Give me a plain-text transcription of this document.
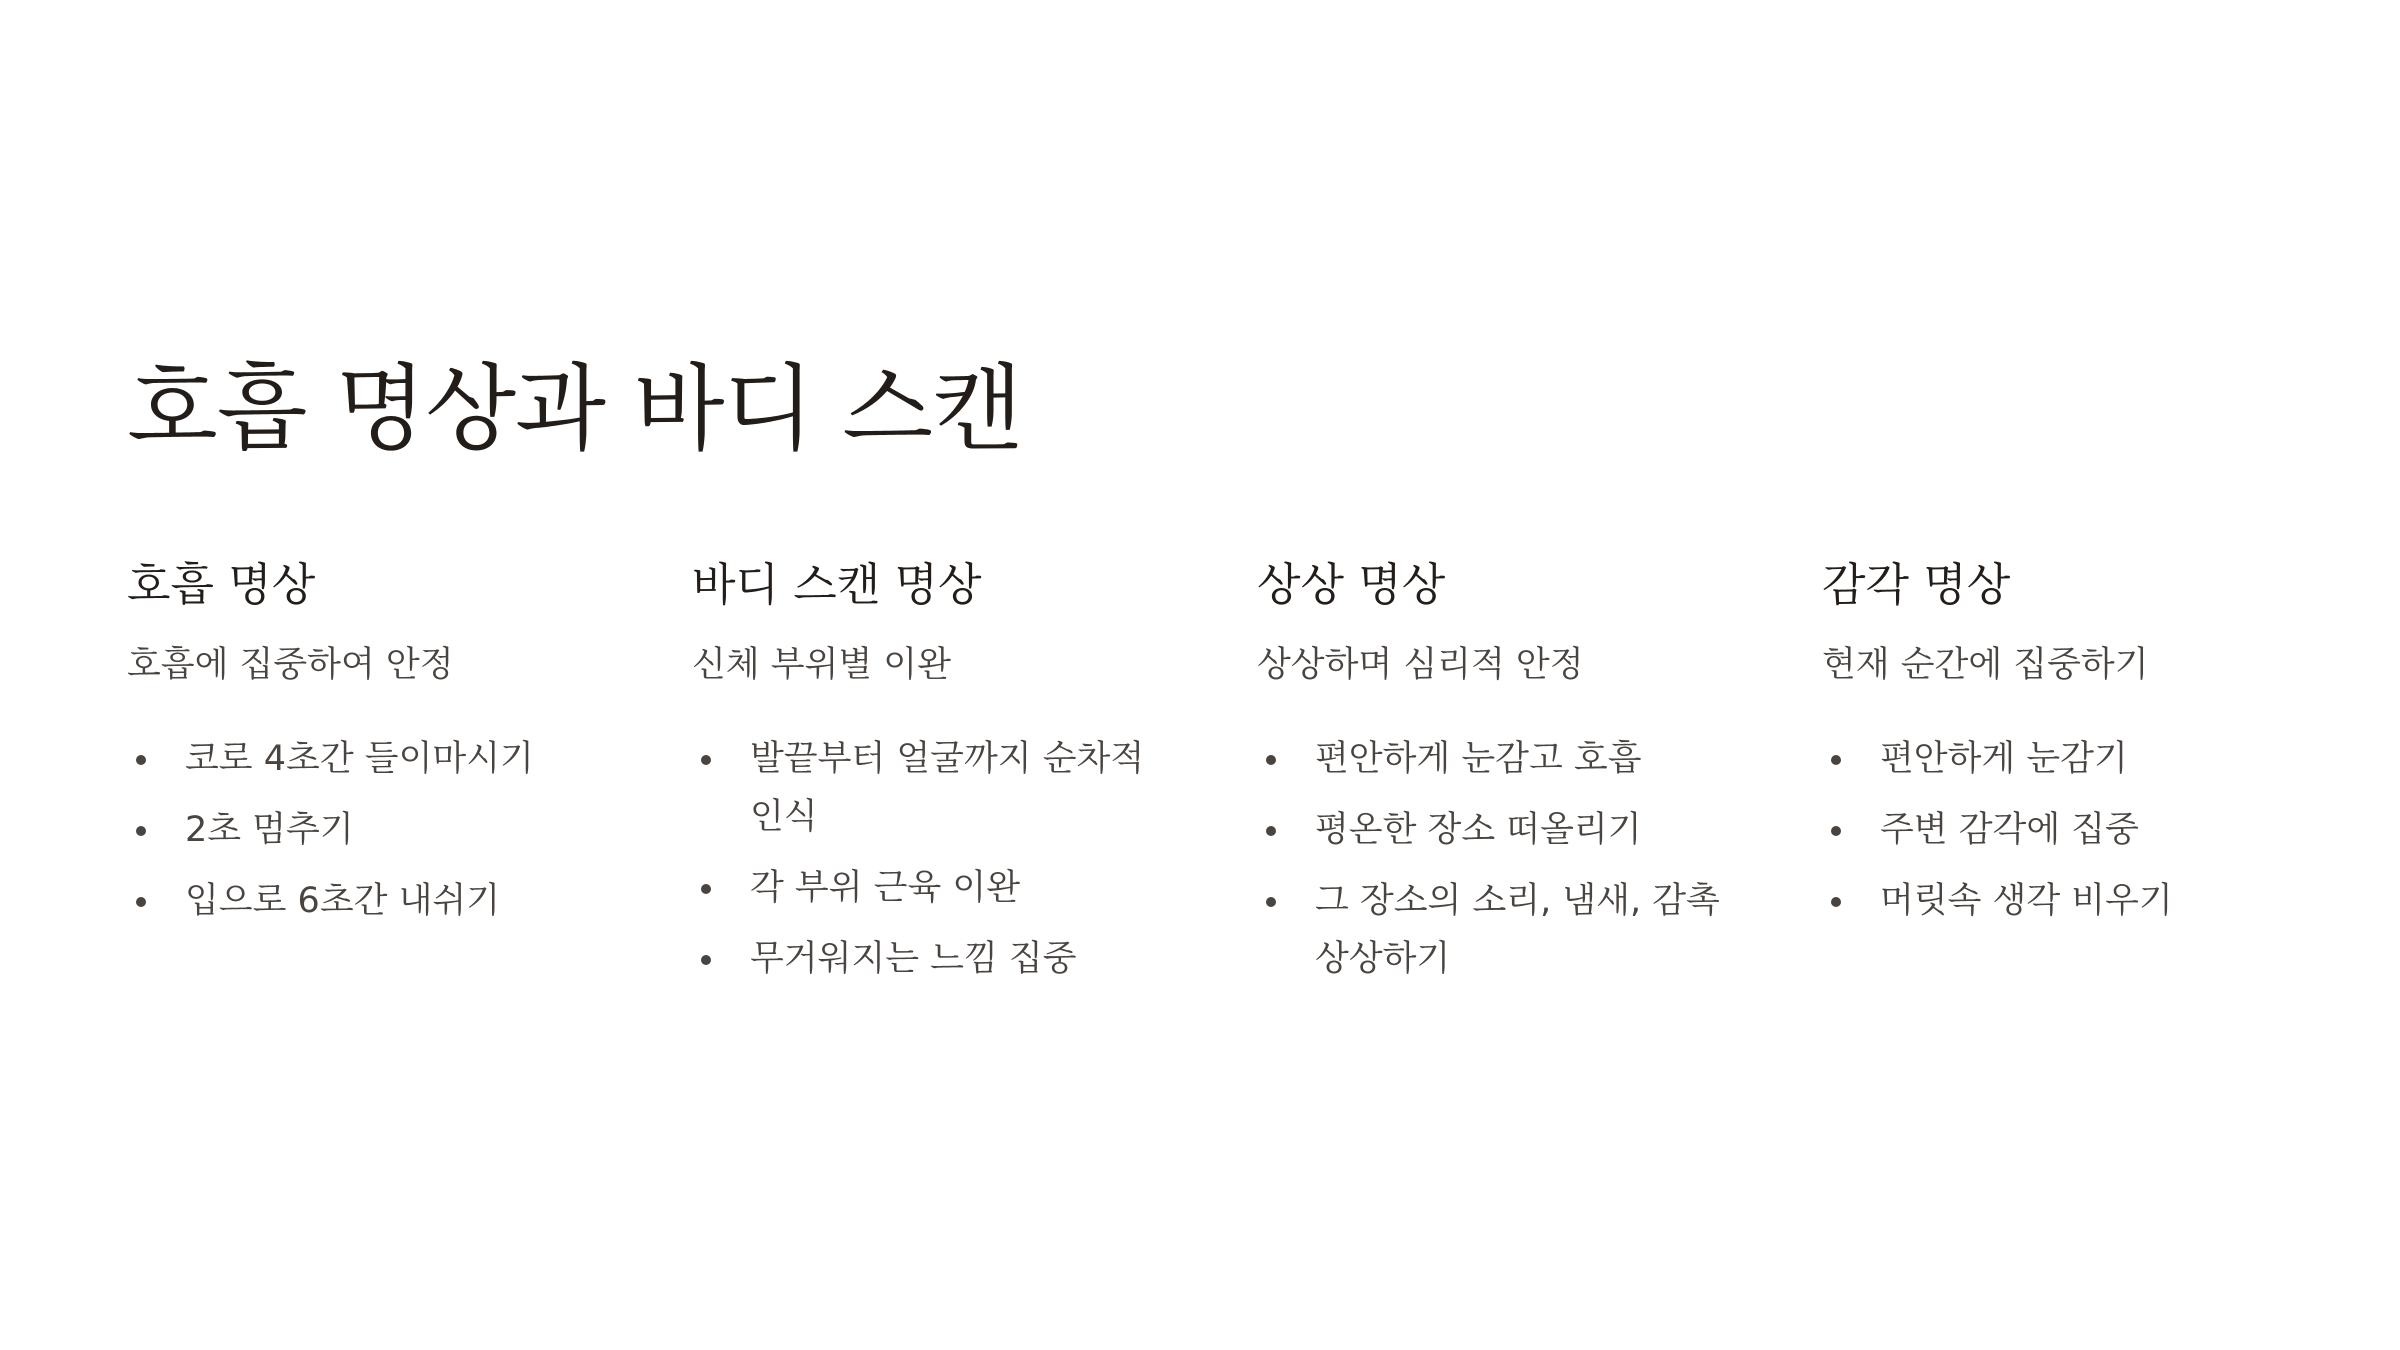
호흡 명상과 바디 스캔
호흡 명상

호흡에 집중하여 안정

코로 4초간 들이마시기
2초 멈추기
입으로 6초간 내쉬기
바디 스캔 명상

신체 부위별 이완

발끝부터 얼굴까지 순차적 인식
각 부위 근육 이완
무거워지는 느낌 집중
상상 명상

상상하며 심리적 안정

편안하게 눈감고 호흡
평온한 장소 떠올리기
그 장소의 소리, 냄새, 감촉 상상하기
감각 명상

현재 순간에 집중하기

편안하게 눈감기
주변 감각에 집중
머릿속 생각 비우기
